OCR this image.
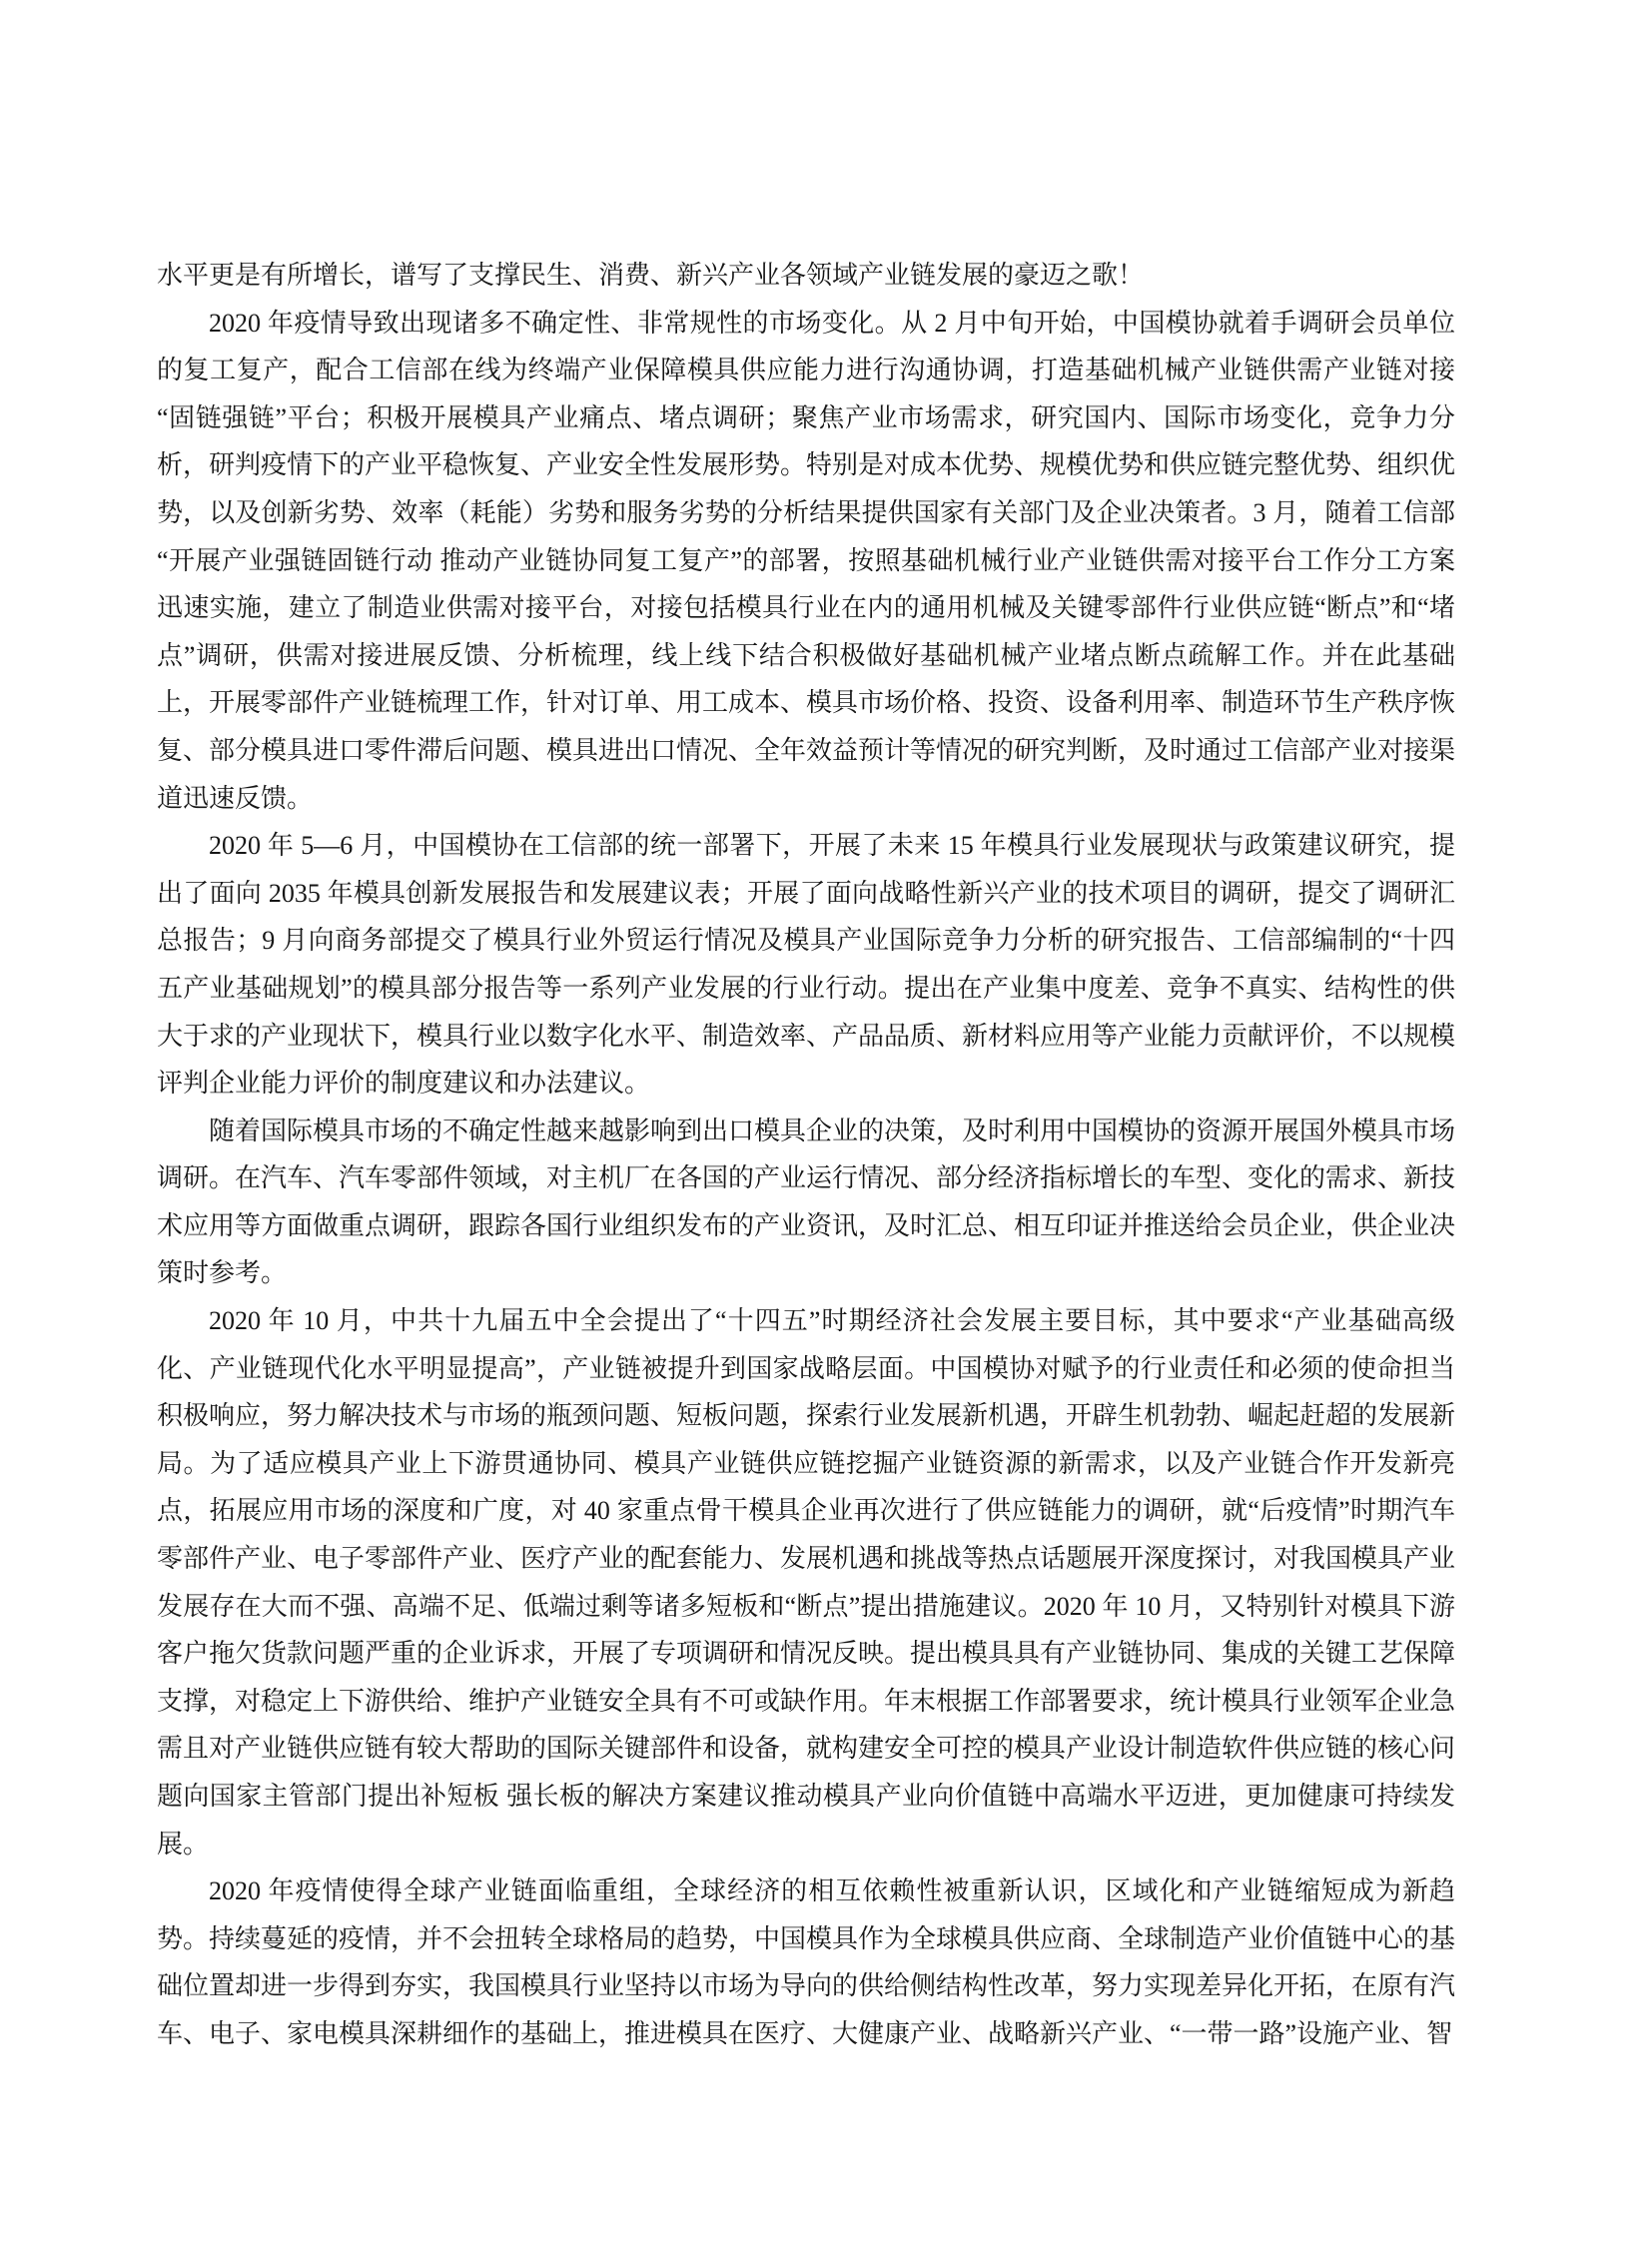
水平更是有所增长，谱写了支撑民生、消费、新兴产业各领域产业链发展的豪迈之歌！

2020 年疫情导致出现诸多不确定性、非常规性的市场变化。从 2 月中旬开始，中国模协就着手调研会员单位的复工复产，配合工信部在线为终端产业保障模具供应能力进行沟通协调，打造基础机械产业链供需产业链对接“固链强链”平台；积极开展模具产业痛点、堵点调研；聚焦产业市场需求，研究国内、国际市场变化，竞争力分析，研判疫情下的产业平稳恢复、产业安全性发展形势。特别是对成本优势、规模优势和供应链完整优势、组织优势，以及创新劣势、效率（耗能）劣势和服务劣势的分析结果提供国家有关部门及企业决策者。3 月，随着工信部“开展产业强链固链行动 推动产业链协同复工复产”的部署，按照基础机械行业产业链供需对接平台工作分工方案迅速实施，建立了制造业供需对接平台，对接包括模具行业在内的通用机械及关键零部件行业供应链“断点”和“堵点”调研，供需对接进展反馈、分析梳理，线上线下结合积极做好基础机械产业堵点断点疏解工作。并在此基础上，开展零部件产业链梳理工作，针对订单、用工成本、模具市场价格、投资、设备利用率、制造环节生产秩序恢复、部分模具进口零件滞后问题、模具进出口情况、全年效益预计等情况的研究判断，及时通过工信部产业对接渠道迅速反馈。

2020 年 5—6 月，中国模协在工信部的统一部署下，开展了未来 15 年模具行业发展现状与政策建议研究，提出了面向 2035 年模具创新发展报告和发展建议表；开展了面向战略性新兴产业的技术项目的调研，提交了调研汇总报告；9 月向商务部提交了模具行业外贸运行情况及模具产业国际竞争力分析的研究报告、工信部编制的“十四五产业基础规划”的模具部分报告等一系列产业发展的行业行动。提出在产业集中度差、竞争不真实、结构性的供大于求的产业现状下，模具行业以数字化水平、制造效率、产品品质、新材料应用等产业能力贡献评价，不以规模评判企业能力评价的制度建议和办法建议。

随着国际模具市场的不确定性越来越影响到出口模具企业的决策，及时利用中国模协的资源开展国外模具市场调研。在汽车、汽车零部件领域，对主机厂在各国的产业运行情况、部分经济指标增长的车型、变化的需求、新技术应用等方面做重点调研，跟踪各国行业组织发布的产业资讯，及时汇总、相互印证并推送给会员企业，供企业决策时参考。

2020 年 10 月，中共十九届五中全会提出了“十四五”时期经济社会发展主要目标，其中要求“产业基础高级化、产业链现代化水平明显提高”，产业链被提升到国家战略层面。中国模协对赋予的行业责任和必须的使命担当积极响应，努力解决技术与市场的瓶颈问题、短板问题，探索行业发展新机遇，开辟生机勃勃、崛起赶超的发展新局。为了适应模具产业上下游贯通协同、模具产业链供应链挖掘产业链资源的新需求，以及产业链合作开发新亮点，拓展应用市场的深度和广度，对 40 家重点骨干模具企业再次进行了供应链能力的调研，就“后疫情”时期汽车零部件产业、电子零部件产业、医疗产业的配套能力、发展机遇和挑战等热点话题展开深度探讨，对我国模具产业发展存在大而不强、高端不足、低端过剩等诸多短板和“断点”提出措施建议。2020 年 10 月，又特别针对模具下游客户拖欠货款问题严重的企业诉求，开展了专项调研和情况反映。提出模具具有产业链协同、集成的关键工艺保障支撑，对稳定上下游供给、维护产业链安全具有不可或缺作用。年末根据工作部署要求，统计模具行业领军企业急需且对产业链供应链有较大帮助的国际关键部件和设备，就构建安全可控的模具产业设计制造软件供应链的核心问题向国家主管部门提出补短板 强长板的解决方案建议推动模具产业向价值链中高端水平迈进，更加健康可持续发展。

2020 年疫情使得全球产业链面临重组，全球经济的相互依赖性被重新认识，区域化和产业链缩短成为新趋势。持续蔓延的疫情，并不会扭转全球格局的趋势，中国模具作为全球模具供应商、全球制造产业价值链中心的基础位置却进一步得到夯实，我国模具行业坚持以市场为导向的供给侧结构性改革，努力实现差异化开拓，在原有汽车、电子、家电模具深耕细作的基础上，推进模具在医疗、大健康产业、战略新兴产业、“一带一路”设施产业、智
